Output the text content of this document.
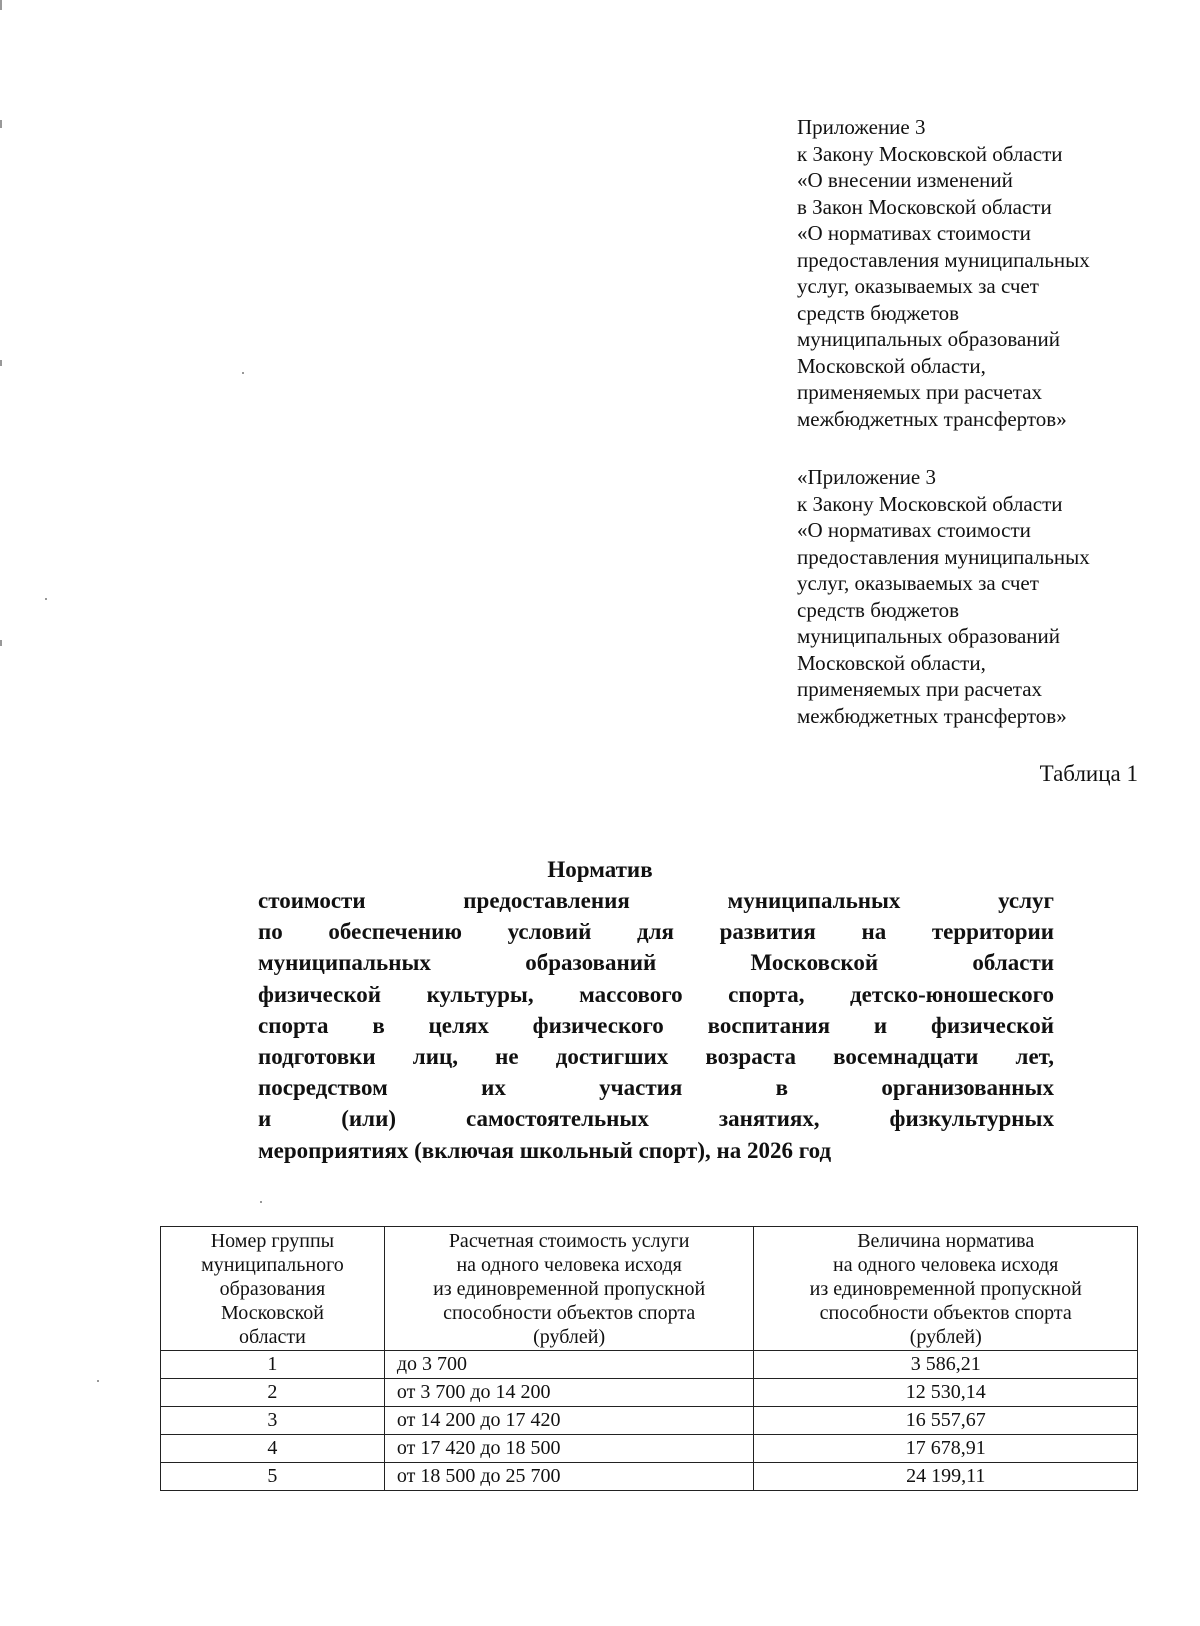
Приложение 3
к Закону Московской области
«О внесении изменений
в Закон Московской области
«О нормативах стоимости
предоставления муниципальных
услуг, оказываемых за счет
средств бюджетов
муниципальных образований
Московской области,
применяемых при расчетах
межбюджетных трансфертов»
«Приложение 3
к Закону Московской области
«О нормативах стоимости
предоставления муниципальных
услуг, оказываемых за счет
средств бюджетов
муниципальных образований
Московской области,
применяемых при расчетах
межбюджетных трансфертов»
Таблица 1
Норматив
стоимости предоставления муниципальных услуг
по обеспечению условий для развития на территории
муниципальных образований Московской области
физической культуры, массового спорта, детско-юношеского
спорта в целях физического воспитания и физической
подготовки лиц, не достигших возраста восемнадцати лет,
посредством их участия в организованных
и (или) самостоятельных занятиях, физкультурных
мероприятиях (включая школьный спорт), на 2026 год
Номер группы
муниципального
образования
Московской
области	Расчетная стоимость услуги
на одного человека исходя
из единовременной пропускной
способности объектов спорта
(рублей)	Величина норматива
на одного человека исходя
из единовременной пропускной
способности объектов спорта
(рублей)

1	до 3 700	3 586,21
2	от 3 700 до 14 200	12 530,14
3	от 14 200 до 17 420	16 557,67
4	от 17 420 до 18 500	17 678,91
5	от 18 500 до 25 700	24 199,11
